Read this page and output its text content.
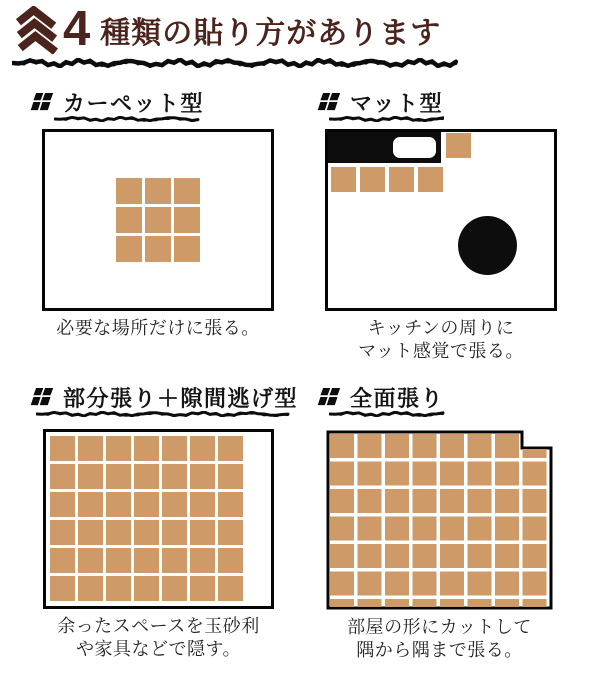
4 種類の貼り方があります
カーペット型
必要な場所だけに張る。
マット型
キッチンの周りに
マット感覚で張る。
部分張り＋隙間逃げ型
余ったスペースを玉砂利
や家具などで隠す。
全面張り
部屋の形にカットして
隅から隅まで張る。
